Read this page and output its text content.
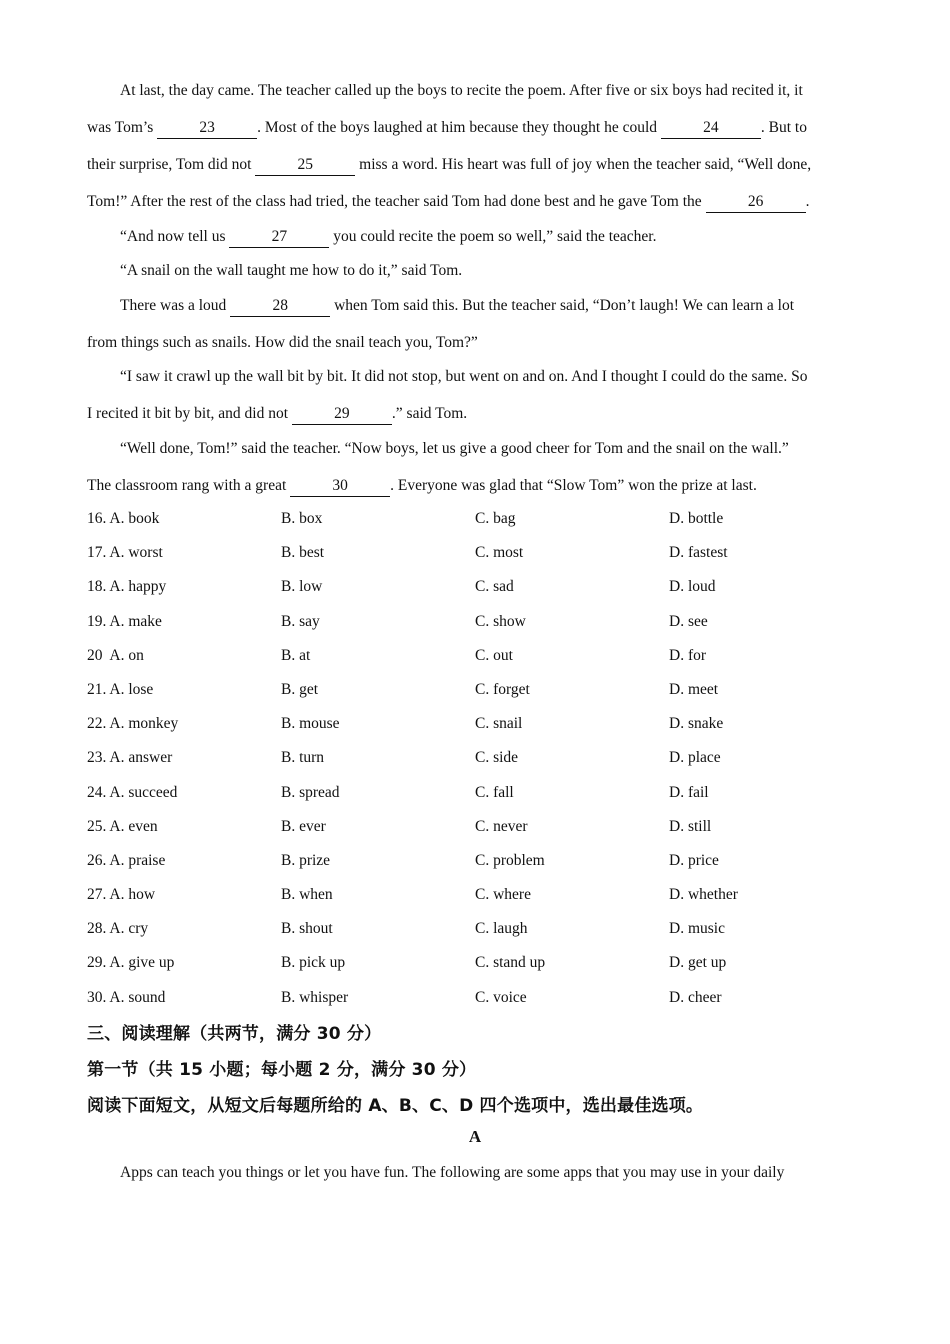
At last, the day came. The teacher called up the boys to recite the poem. After five or six boys had recited it, it
was Tom’s	23	. Most of the boys laughed at him because they thought he could	24	. But to
their surprise, Tom did not	25	miss a word. His heart was full of joy when the teacher said, “Well done,
Tom!” After the rest of the class had tried, the teacher said Tom had done best and he gave Tom the	26	.
“And now tell us	27	you could recite the poem so well,” said the teacher.
“A snail on the wall taught me how to do it,” said Tom.
There was a loud	28	when Tom said this. But the teacher said, “Don’t laugh! We can learn a lot
from things such as snails. How did the snail teach you, Tom?”
“I saw it crawl up the wall bit by bit. It did not stop, but went on and on. And I thought I could do the same. So
I recited it bit by bit, and did not	29	.” said Tom.
“Well done, Tom!” said the teacher. “Now boys, let us give a good cheer for Tom and the snail on the wall.”
The classroom rang with a great	30	. Everyone was glad that “Slow Tom” won the prize at last.
16. A. book	B. box	C. bag	D. bottle
17. A. worst	B. best	C. most	D. fastest
18. A. happy	B. low	C. sad	D. loud
19. A. make	B. say	C. show	D. see
20  A. on	B. at	C. out	D. for
21. A. lose	B. get	C. forget	D. meet
22. A. monkey	B. mouse	C. snail	D. snake
23. A. answer	B. turn	C. side	D. place
24. A. succeed	B. spread	C. fall	D. fail
25. A. even	B. ever	C. never	D. still
26. A. praise	B. prize	C. problem	D. price
27. A. how	B. when	C. where	D. whether
28. A. cry	B. shout	C. laugh	D. music
29. A. give up	B. pick up	C. stand up	D. get up
30. A. sound	B. whisper	C. voice	D. cheer
三、阅读理解（共两节，满分 30 分）
第一节（共 15 小题；每小题 2 分，满分 30 分）
阅读下面短文，从短文后每题所给的 A、B、C、D 四个选项中，选出最佳选项。
A
Apps can teach you things or let you have fun. The following are some apps that you may use in your daily
